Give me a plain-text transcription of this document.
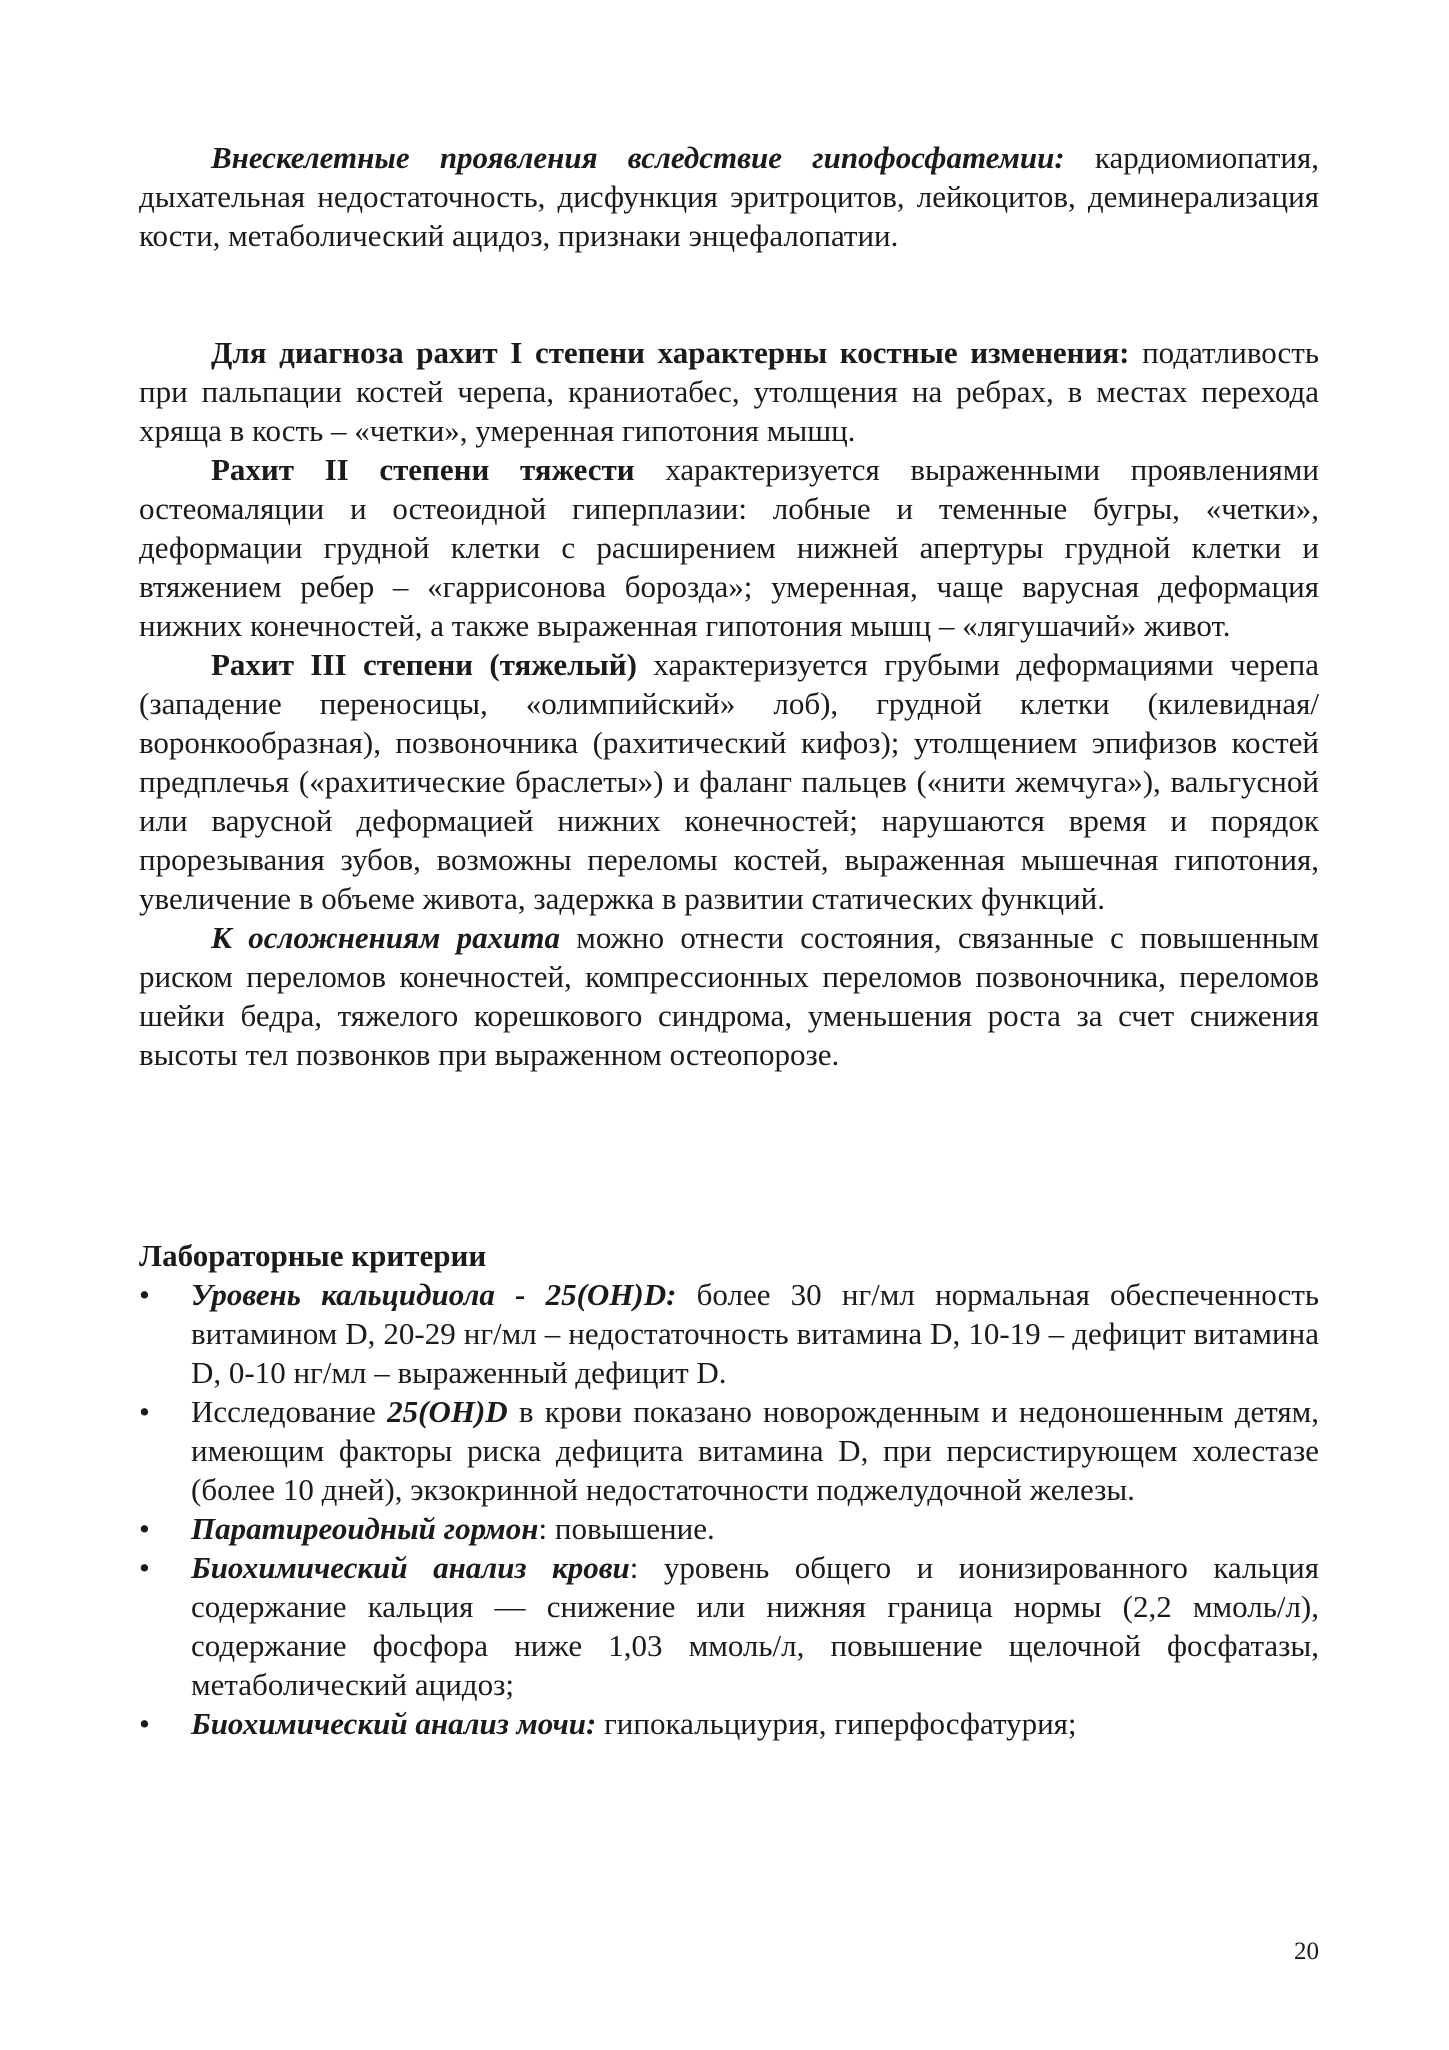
Внескелетные проявления вследствие гипофосфатемии: кардиомиопатия, дыхательная недостаточность, дисфункция эритроцитов, лейкоцитов, деминерализация кости, метаболический ацидоз, признаки энцефалопатии.

Для диагноза рахит I степени характерны костные изменения: податливость при пальпации костей черепа, краниотабес, утолщения на ребрах, в местах перехода хряща в кость – «четки», умеренная гипотония мышц.

Рахит II степени тяжести характеризуется выраженными проявлениями остеомаляции и остеоидной гиперплазии: лобные и теменные бугры, «четки», деформации грудной клетки с расширением нижней апертуры грудной клетки и втяжением ребер – «гаррисонова борозда»; умеренная, чаще варусная деформация нижних конечностей, а также выраженная гипотония мышц – «лягушачий» живот.

Рахит III степени (тяжелый) характеризуется грубыми деформациями черепа (западение переносицы, «олимпийский» лоб), грудной клетки (килевидная/воронкообразная), позвоночника (рахитический кифоз); утолщением эпифизов костей предплечья («рахитические браслеты») и фаланг пальцев («нити жемчуга»), вальгусной или варусной деформацией нижних конечностей; нарушаются время и порядок прорезывания зубов, возможны переломы костей, выраженная мышечная гипотония, увеличение в объеме живота, задержка в развитии статических функций.

К осложнениям рахита можно отнести состояния, связанные с повышенным риском переломов конечностей, компрессионных переломов позвоночника, переломов шейки бедра, тяжелого корешкового синдрома, уменьшения роста за счет снижения высоты тел позвонков при выраженном остеопорозе.

Лабораторные критерии

• Уровень кальцидиола - 25(OH)D: более 30 нг/мл нормальная обеспеченность витамином D, 20-29 нг/мл – недостаточность витамина D, 10-19 – дефицит витамина D, 0-10 нг/мл – выраженный дефицит D.
• Исследование 25(OH)D в крови показано новорожденным и недоношенным детям, имеющим факторы риска дефицита витамина D, при персистирующем холестазе (более 10 дней), экзокринной недостаточности поджелудочной железы.
• Паратиреоидный гормон: повышение.
• Биохимический анализ крови: уровень общего и ионизированного кальция содержание кальция — снижение или нижняя граница нормы (2,2 ммоль/л), содержание фосфора ниже 1,03 ммоль/л, повышение щелочной фосфатазы, метаболический ацидоз;
• Биохимический анализ мочи: гипокальциурия, гиперфосфатурия;
20
